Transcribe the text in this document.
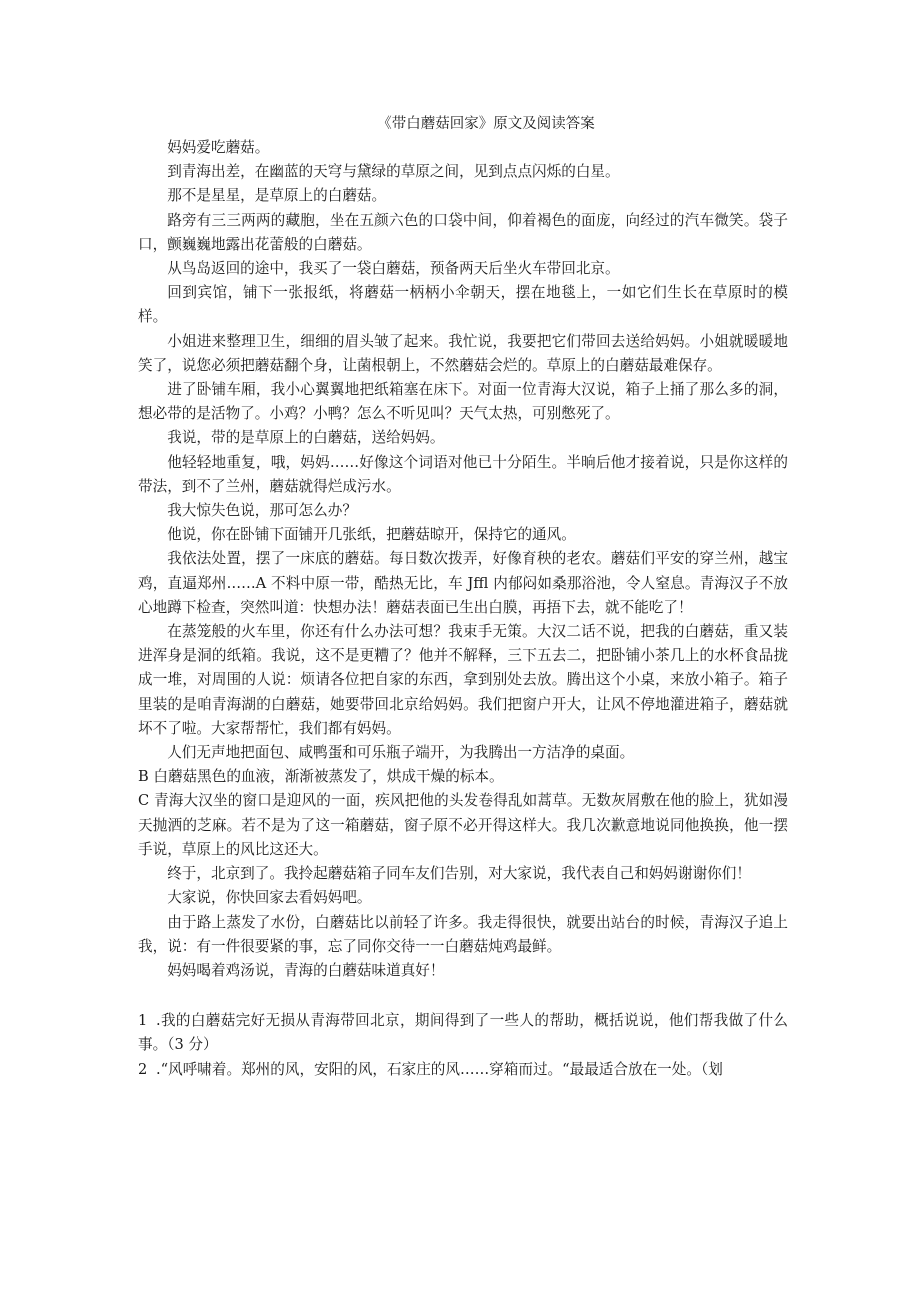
《带白蘑菇回家》原文及阅读答案

妈妈爱吃蘑菇。

到青海出差，在幽蓝的天穹与黛绿的草原之间，见到点点闪烁的白星。

那不是星星，是草原上的白蘑菇。

路旁有三三两两的藏胞，坐在五颜六色的口袋中间，仰着褐色的面庞，向经过的汽车微笑。袋子口，颤巍巍地露出花蕾般的白蘑菇。

从鸟岛返回的途中，我买了一袋白蘑菇，预备两天后坐火车带回北京。

回到宾馆，铺下一张报纸，将蘑菇一柄柄小伞朝天，摆在地毯上，一如它们生长在草原时的模样。

小姐进来整理卫生，细细的眉头皱了起来。我忙说，我要把它们带回去送给妈妈。小姐就暖暖地笑了，说您必须把蘑菇翻个身，让菌根朝上，不然蘑菇会烂的。草原上的白蘑菇最难保存。

进了卧铺车厢，我小心翼翼地把纸箱塞在床下。对面一位青海大汉说，箱子上捅了那么多的洞，想必带的是活物了。小鸡？小鸭？怎么不听见叫？天气太热，可别憋死了。

我说，带的是草原上的白蘑菇，送给妈妈。

他轻轻地重复，哦，妈妈……好像这个词语对他已十分陌生。半晌后他才接着说，只是你这样的带法，到不了兰州，蘑菇就得烂成污水。

我大惊失色说，那可怎么办？

他说，你在卧铺下面铺开几张纸，把蘑菇晾开，保持它的通风。

我依法处置，摆了一床底的蘑菇。每日数次拨弄，好像育秧的老农。蘑菇们平安的穿兰州，越宝鸡，直逼郑州……A 不料中原一带，酷热无比，车 Jffl 内郁闷如桑那浴池，令人窒息。青海汉子不放心地蹲下检查，突然叫道：快想办法！蘑菇表面已生出白膜，再捂下去，就不能吃了！

在蒸笼般的火车里，你还有什么办法可想？我束手无策。大汉二话不说，把我的白蘑菇，重又装进浑身是洞的纸箱。我说，这不是更糟了？他并不解释，三下五去二，把卧铺小茶几上的水杯食品拢成一堆，对周围的人说：烦请各位把自家的东西，拿到别处去放。腾出这个小桌，来放小箱子。箱子里装的是咱青海湖的白蘑菇，她要带回北京给妈妈。我们把窗户开大，让风不停地灌进箱子，蘑菇就坏不了啦。大家帮帮忙，我们都有妈妈。

人们无声地把面包、咸鸭蛋和可乐瓶子端开，为我腾出一方洁净的桌面。

B 白蘑菇黑色的血液，渐渐被蒸发了，烘成干燥的标本。

C 青海大汉坐的窗口是迎风的一面，疾风把他的头发卷得乱如蒿草。无数灰屑敷在他的脸上，犹如漫天抛洒的芝麻。若不是为了这一箱蘑菇，窗子原不必开得这样大。我几次歉意地说同他换换，他一摆手说，草原上的风比这还大。

终于，北京到了。我拎起蘑菇箱子同车友们告别，对大家说，我代表自己和妈妈谢谢你们！

大家说，你快回家去看妈妈吧。

由于路上蒸发了水份，白蘑菇比以前轻了许多。我走得很快，就要出站台的时候，青海汉子追上我，说：有一件很要紧的事，忘了同你交待一一白蘑菇炖鸡最鲜。

妈妈喝着鸡汤说，青海的白蘑菇味道真好！

1 .我的白蘑菇完好无损从青海带回北京，期间得到了一些人的帮助，概括说说，他们帮我做了什么事。（3 分）

2 .“风呼啸着。郑州的风，安阳的风，石家庄的风……穿箱而过。“最最适合放在一处。（划
